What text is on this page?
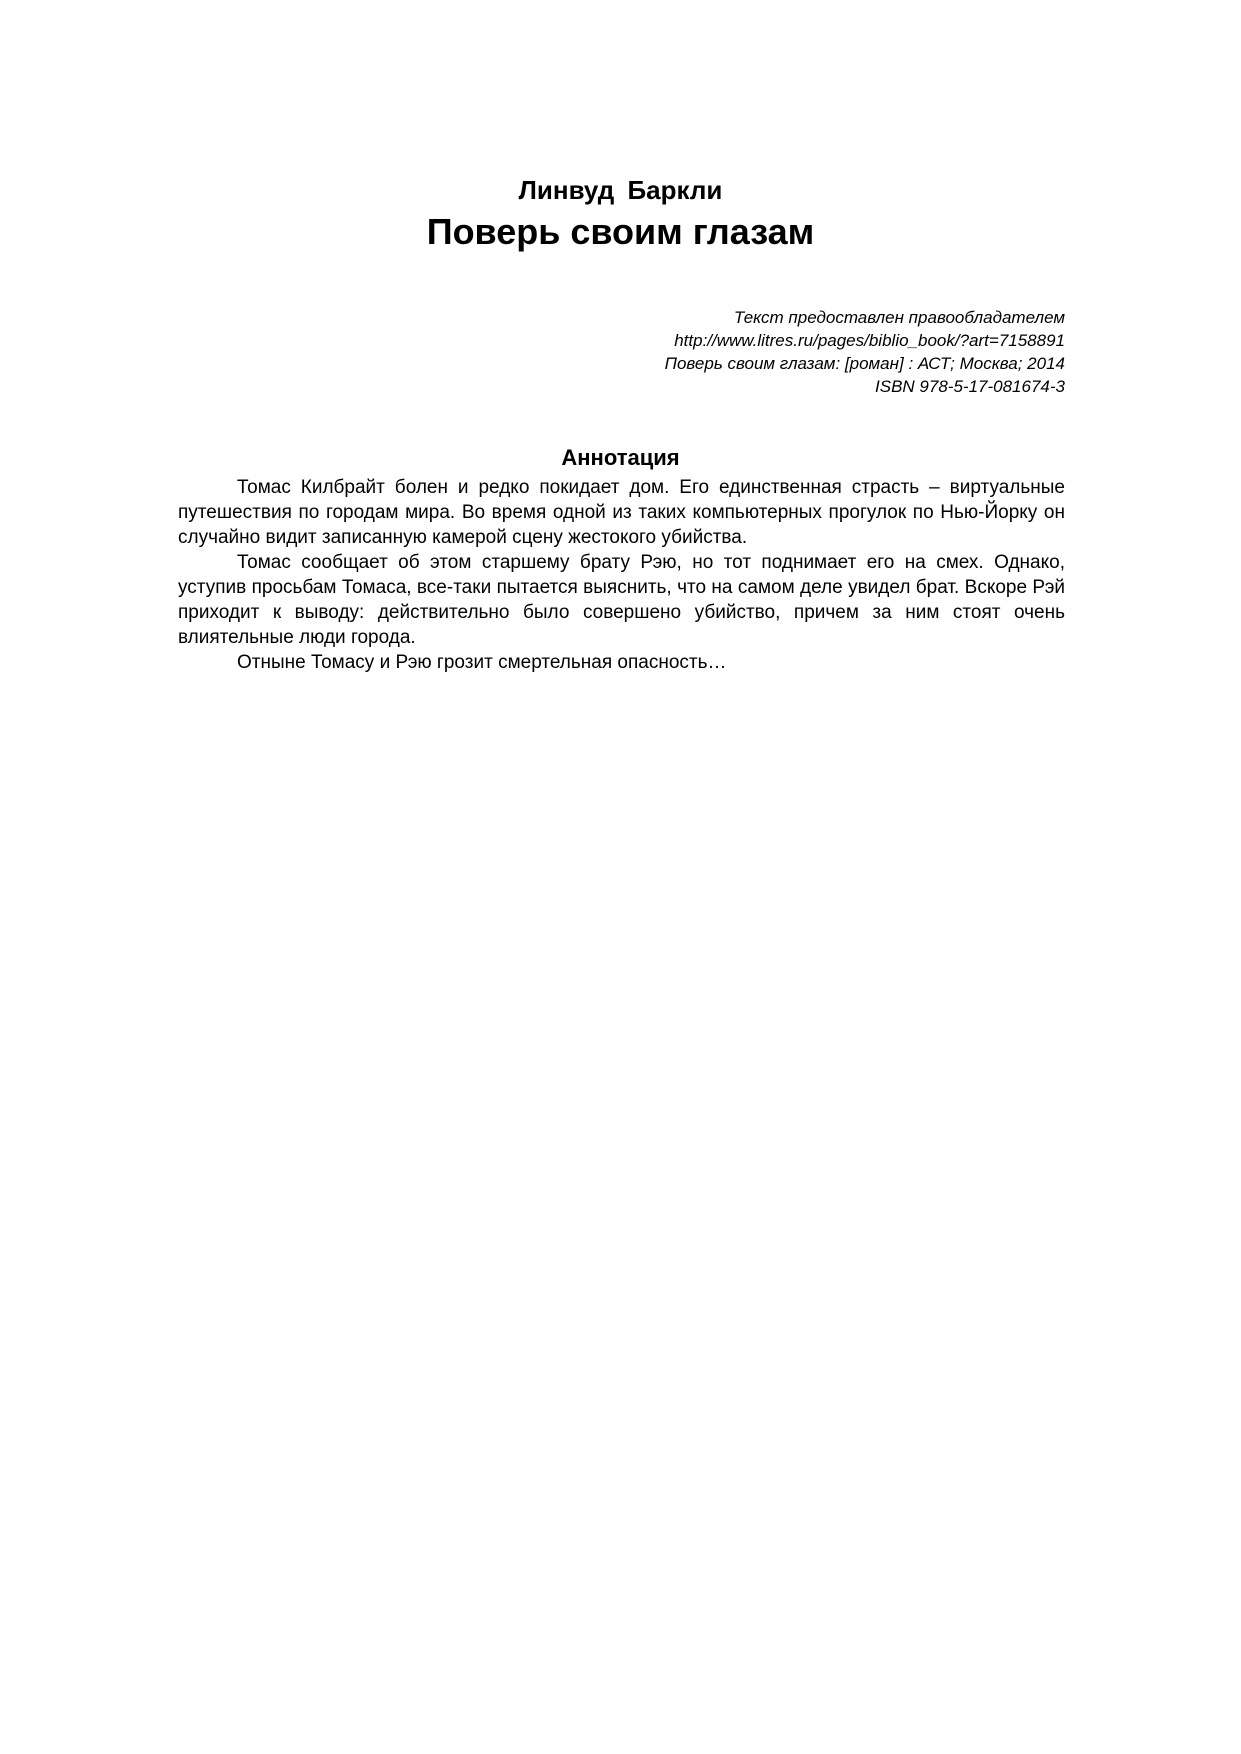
Линвуд Баркли
Поверь своим глазам
Текст предоставлен правообладателем
http://www.litres.ru/pages/biblio_book/?art=7158891
Поверь своим глазам: [роман] : АСТ; Москва; 2014
ISBN 978-5-17-081674-3
Аннотация

Томас Килбрайт болен и редко покидает дом. Его единственная страсть – виртуальные путешествия по городам мира. Во время одной из таких компьютерных прогулок по Нью-Йорку он случайно видит записанную камерой сцену жестокого убийства.

Томас сообщает об этом старшему брату Рэю, но тот поднимает его на смех. Однако, уступив просьбам Томаса, все-таки пытается выяснить, что на самом деле увидел брат. Вскоре Рэй приходит к выводу: действительно было совершено убийство, причем за ним стоят очень влиятельные люди города.

Отныне Томасу и Рэю грозит смертельная опасность…
